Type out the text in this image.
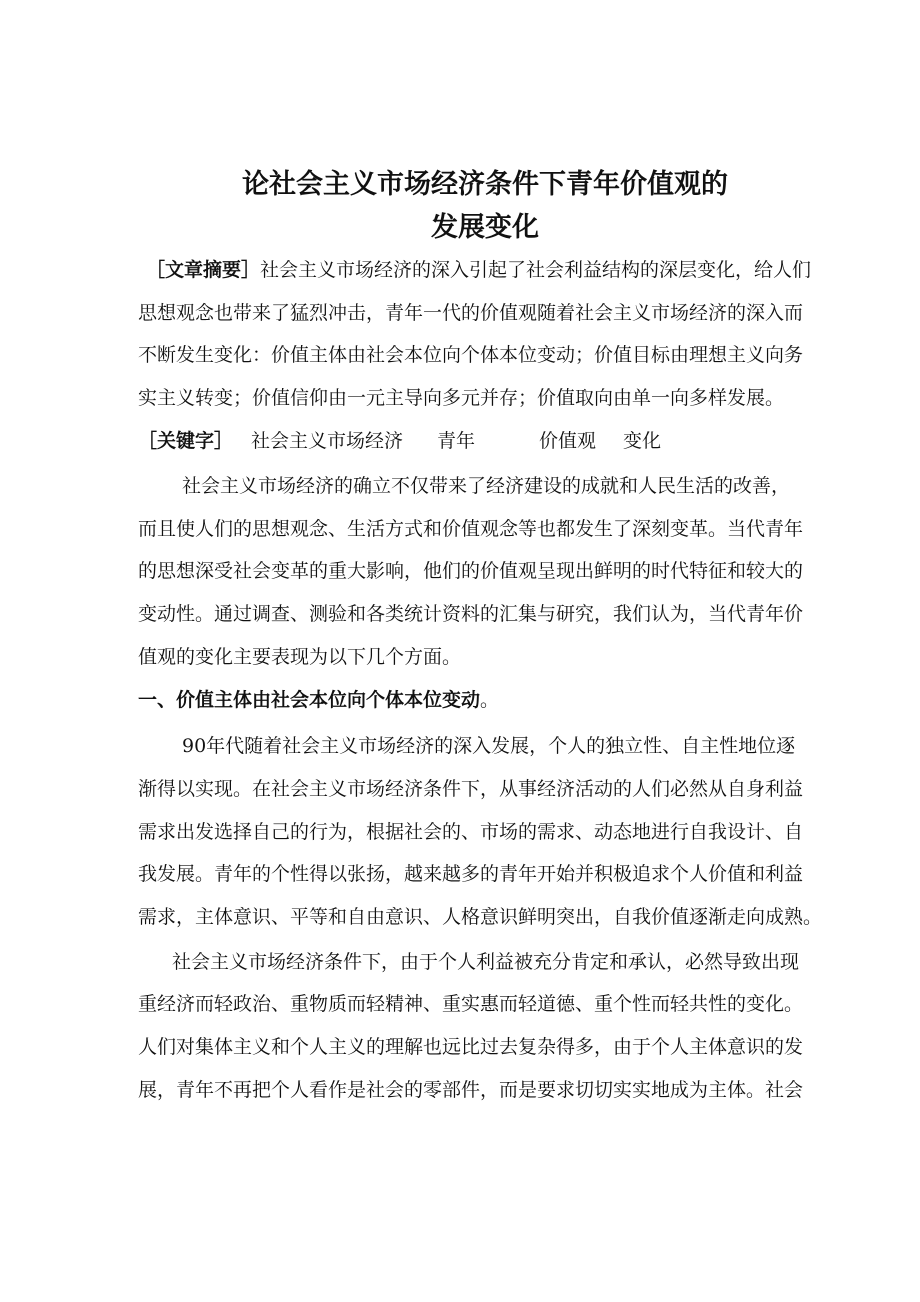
论社会主义市场经济条件下青年价值观的
发展变化
［文章摘要］社会主义市场经济的深入引起了社会利益结构的深层变化，给人们
思想观念也带来了猛烈冲击，青年一代的价值观随着社会主义市场经济的深入而
不断发生变化：价值主体由社会本位向个体本位变动；价值目标由理想主义向务
实主义转变；价值信仰由一元主导向多元并存；价值取向由单一向多样发展。
［关键字］ 社会主义市场经济 青年	价值观 变化
社会主义市场经济的确立不仅带来了经济建设的成就和人民生活的改善，
而且使人们的思想观念、生活方式和价值观念等也都发生了深刻变革。当代青年
的思想深受社会变革的重大影响，他们的价值观呈现出鲜明的时代特征和较大的
变动性。通过调查、测验和各类统计资料的汇集与研究，我们认为，当代青年价
值观的变化主要表现为以下几个方面。
一、价值主体由社会本位向个体本位变动。
90年代随着社会主义市场经济的深入发展，个人的独立性、自主性地位逐
渐得以实现。在社会主义市场经济条件下，从事经济活动的人们必然从自身利益
需求出发选择自己的行为，根据社会的、市场的需求、动态地进行自我设计、自
我发展。青年的个性得以张扬，越来越多的青年开始并积极追求个人价值和利益
需求，主体意识、平等和自由意识、人格意识鲜明突出，自我价值逐渐走向成熟。
社会主义市场经济条件下，由于个人利益被充分肯定和承认，必然导致出现
重经济而轻政治、重物质而轻精神、重实惠而轻道德、重个性而轻共性的变化。
人们对集体主义和个人主义的理解也远比过去复杂得多，由于个人主体意识的发
展，青年不再把个人看作是社会的零部件，而是要求切切实实地成为主体。社会
